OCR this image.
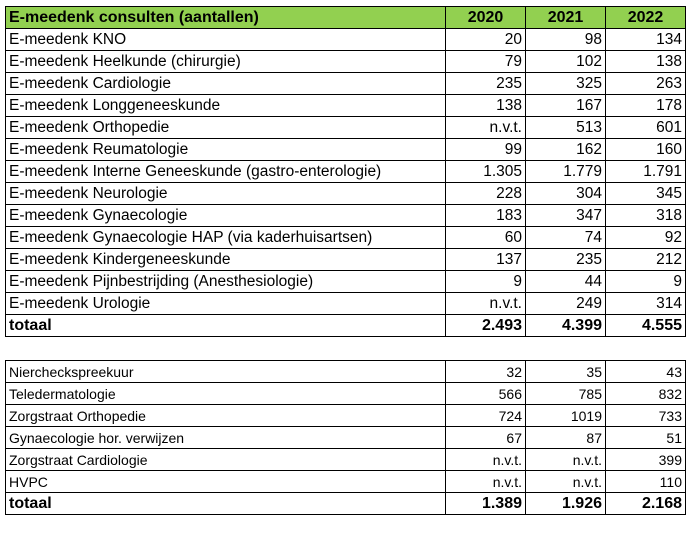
E-meedenk consulten (aantallen)	2020	2021	2022
E-meedenk KNO	20	98	134
E-meedenk Heelkunde (chirurgie)	79	102	138
E-meedenk Cardiologie	235	325	263
E-meedenk Longgeneeskunde	138	167	178
E-meedenk Orthopedie	n.v.t.	513	601
E-meedenk Reumatologie	99	162	160
E-meedenk Interne Geneeskunde (gastro-enterologie)	1.305	1.779	1.791
E-meedenk Neurologie	228	304	345
E-meedenk Gynaecologie	183	347	318
E-meedenk Gynaecologie HAP (via kaderhuisartsen)	60	74	92
E-meedenk Kindergeneeskunde	137	235	212
E-meedenk Pijnbestrijding (Anesthesiologie)	9	44	9
E-meedenk Urologie	n.v.t.	249	314
totaal	2.493	4.399	4.555

Niercheckspreekuur	32	35	43
Teledermatologie	566	785	832
Zorgstraat Orthopedie	724	1019	733
Gynaecologie hor. verwijzen	67	87	51
Zorgstraat Cardiologie	n.v.t.	n.v.t.	399
HVPC	n.v.t.	n.v.t.	110
totaal	1.389	1.926	2.168
